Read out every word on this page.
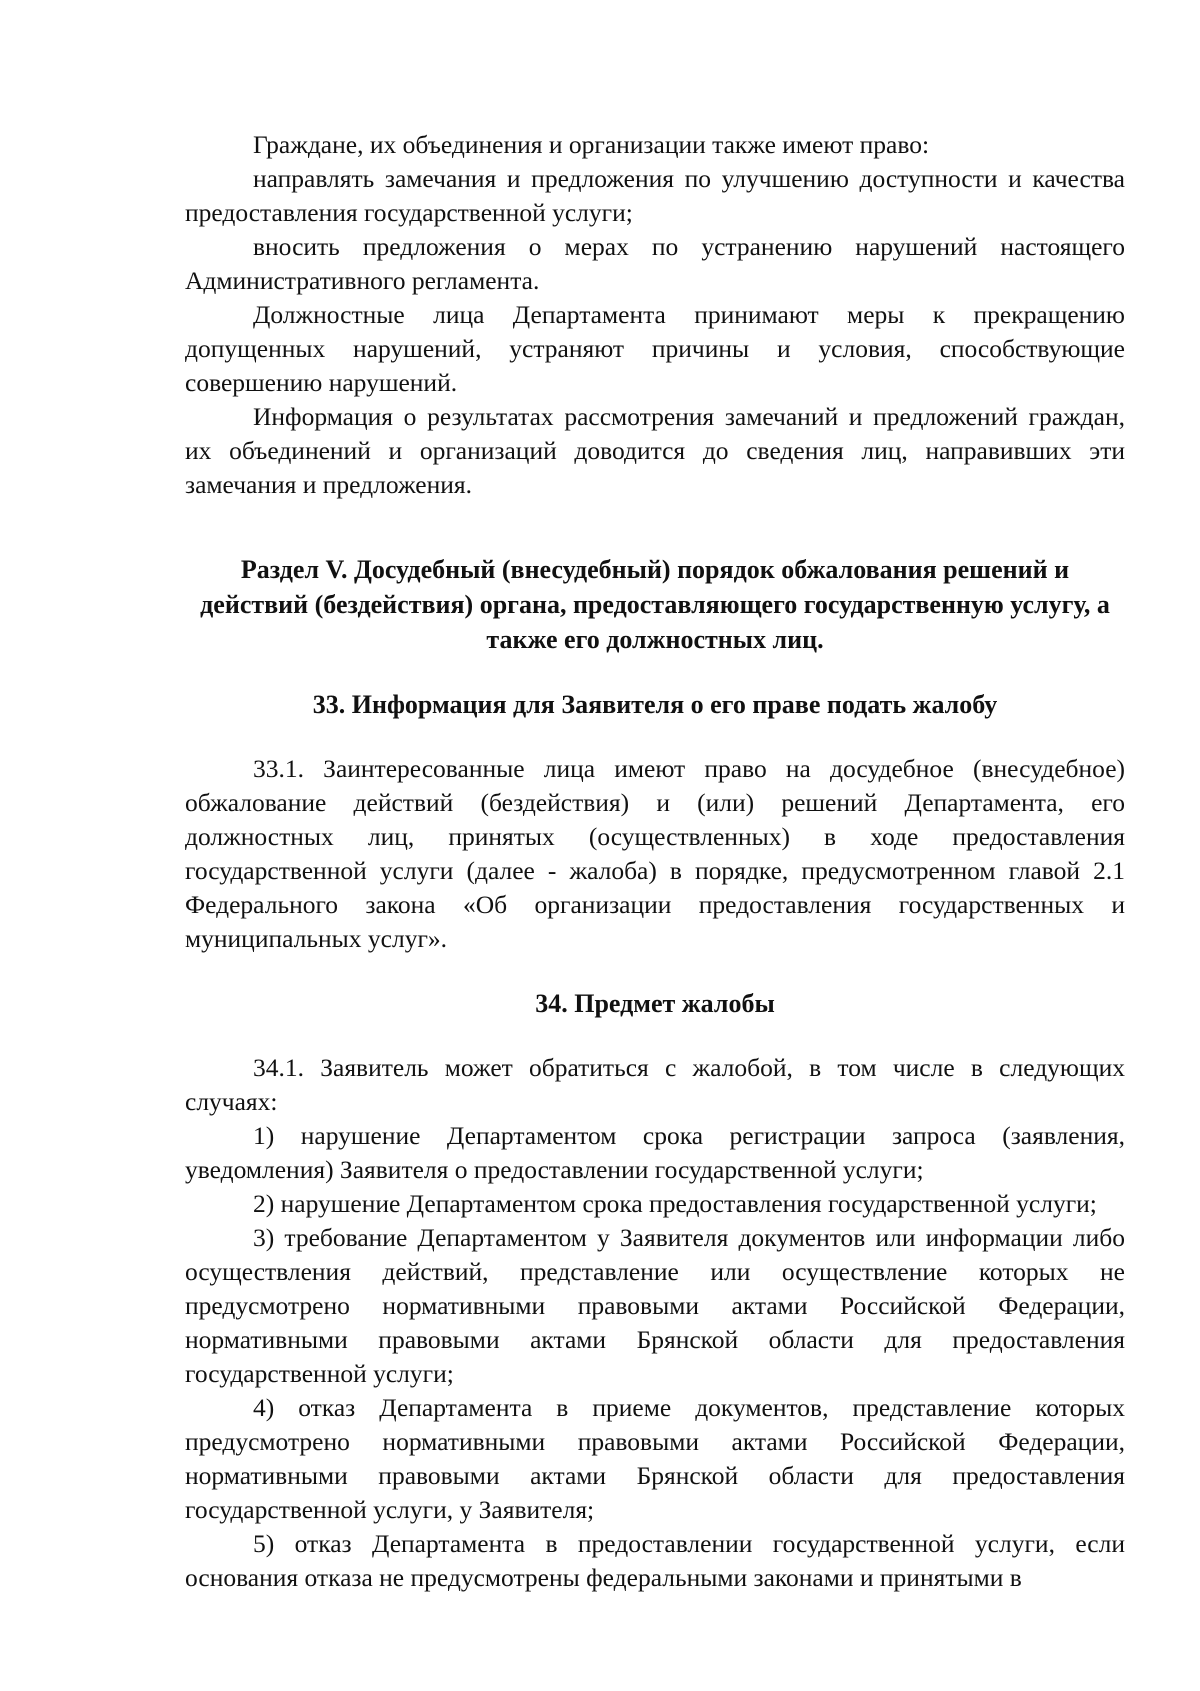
Граждане, их объединения и организации также имеют право:

направлять замечания и предложения по улучшению доступности и качества предоставления государственной услуги;

вносить предложения о мерах по устранению нарушений настоящего Административного регламента.

Должностные лица Департамента принимают меры к прекращению допущенных нарушений, устраняют причины и условия, способствующие совершению нарушений.

Информация о результатах рассмотрения замечаний и предложений граждан, их объединений и организаций доводится до сведения лиц, направивших эти замечания и предложения.

Раздел V. Досудебный (внесудебный) порядок обжалования решений и действий (бездействия) органа, предоставляющего государственную услугу, а также его должностных лиц.
33. Информация для Заявителя о его праве подать жалобу

33.1. Заинтересованные лица имеют право на досудебное (внесудебное) обжалование действий (бездействия) и (или) решений Департамента, его должностных лиц, принятых (осуществленных) в ходе предоставления государственной услуги (далее - жалоба) в порядке, предусмотренном главой 2.1 Федерального закона «Об организации предоставления государственных и муниципальных услуг».

34. Предмет жалобы

34.1. Заявитель может обратиться с жалобой, в том числе в следующих случаях:

1) нарушение Департаментом срока регистрации запроса (заявления, уведомления) Заявителя о предоставлении государственной услуги;

2) нарушение Департаментом срока предоставления государственной услуги;

3) требование Департаментом у Заявителя документов или информации либо осуществления действий, представление или осуществление которых не предусмотрено нормативными правовыми актами Российской Федерации, нормативными правовыми актами Брянской области для предоставления государственной услуги;

4) отказ Департамента в приеме документов, представление которых предусмотрено нормативными правовыми актами Российской Федерации, нормативными правовыми актами Брянской области для предоставления государственной услуги, у Заявителя;

5) отказ Департамента в предоставлении государственной услуги, если основания отказа не предусмотрены федеральными законами и принятыми в
